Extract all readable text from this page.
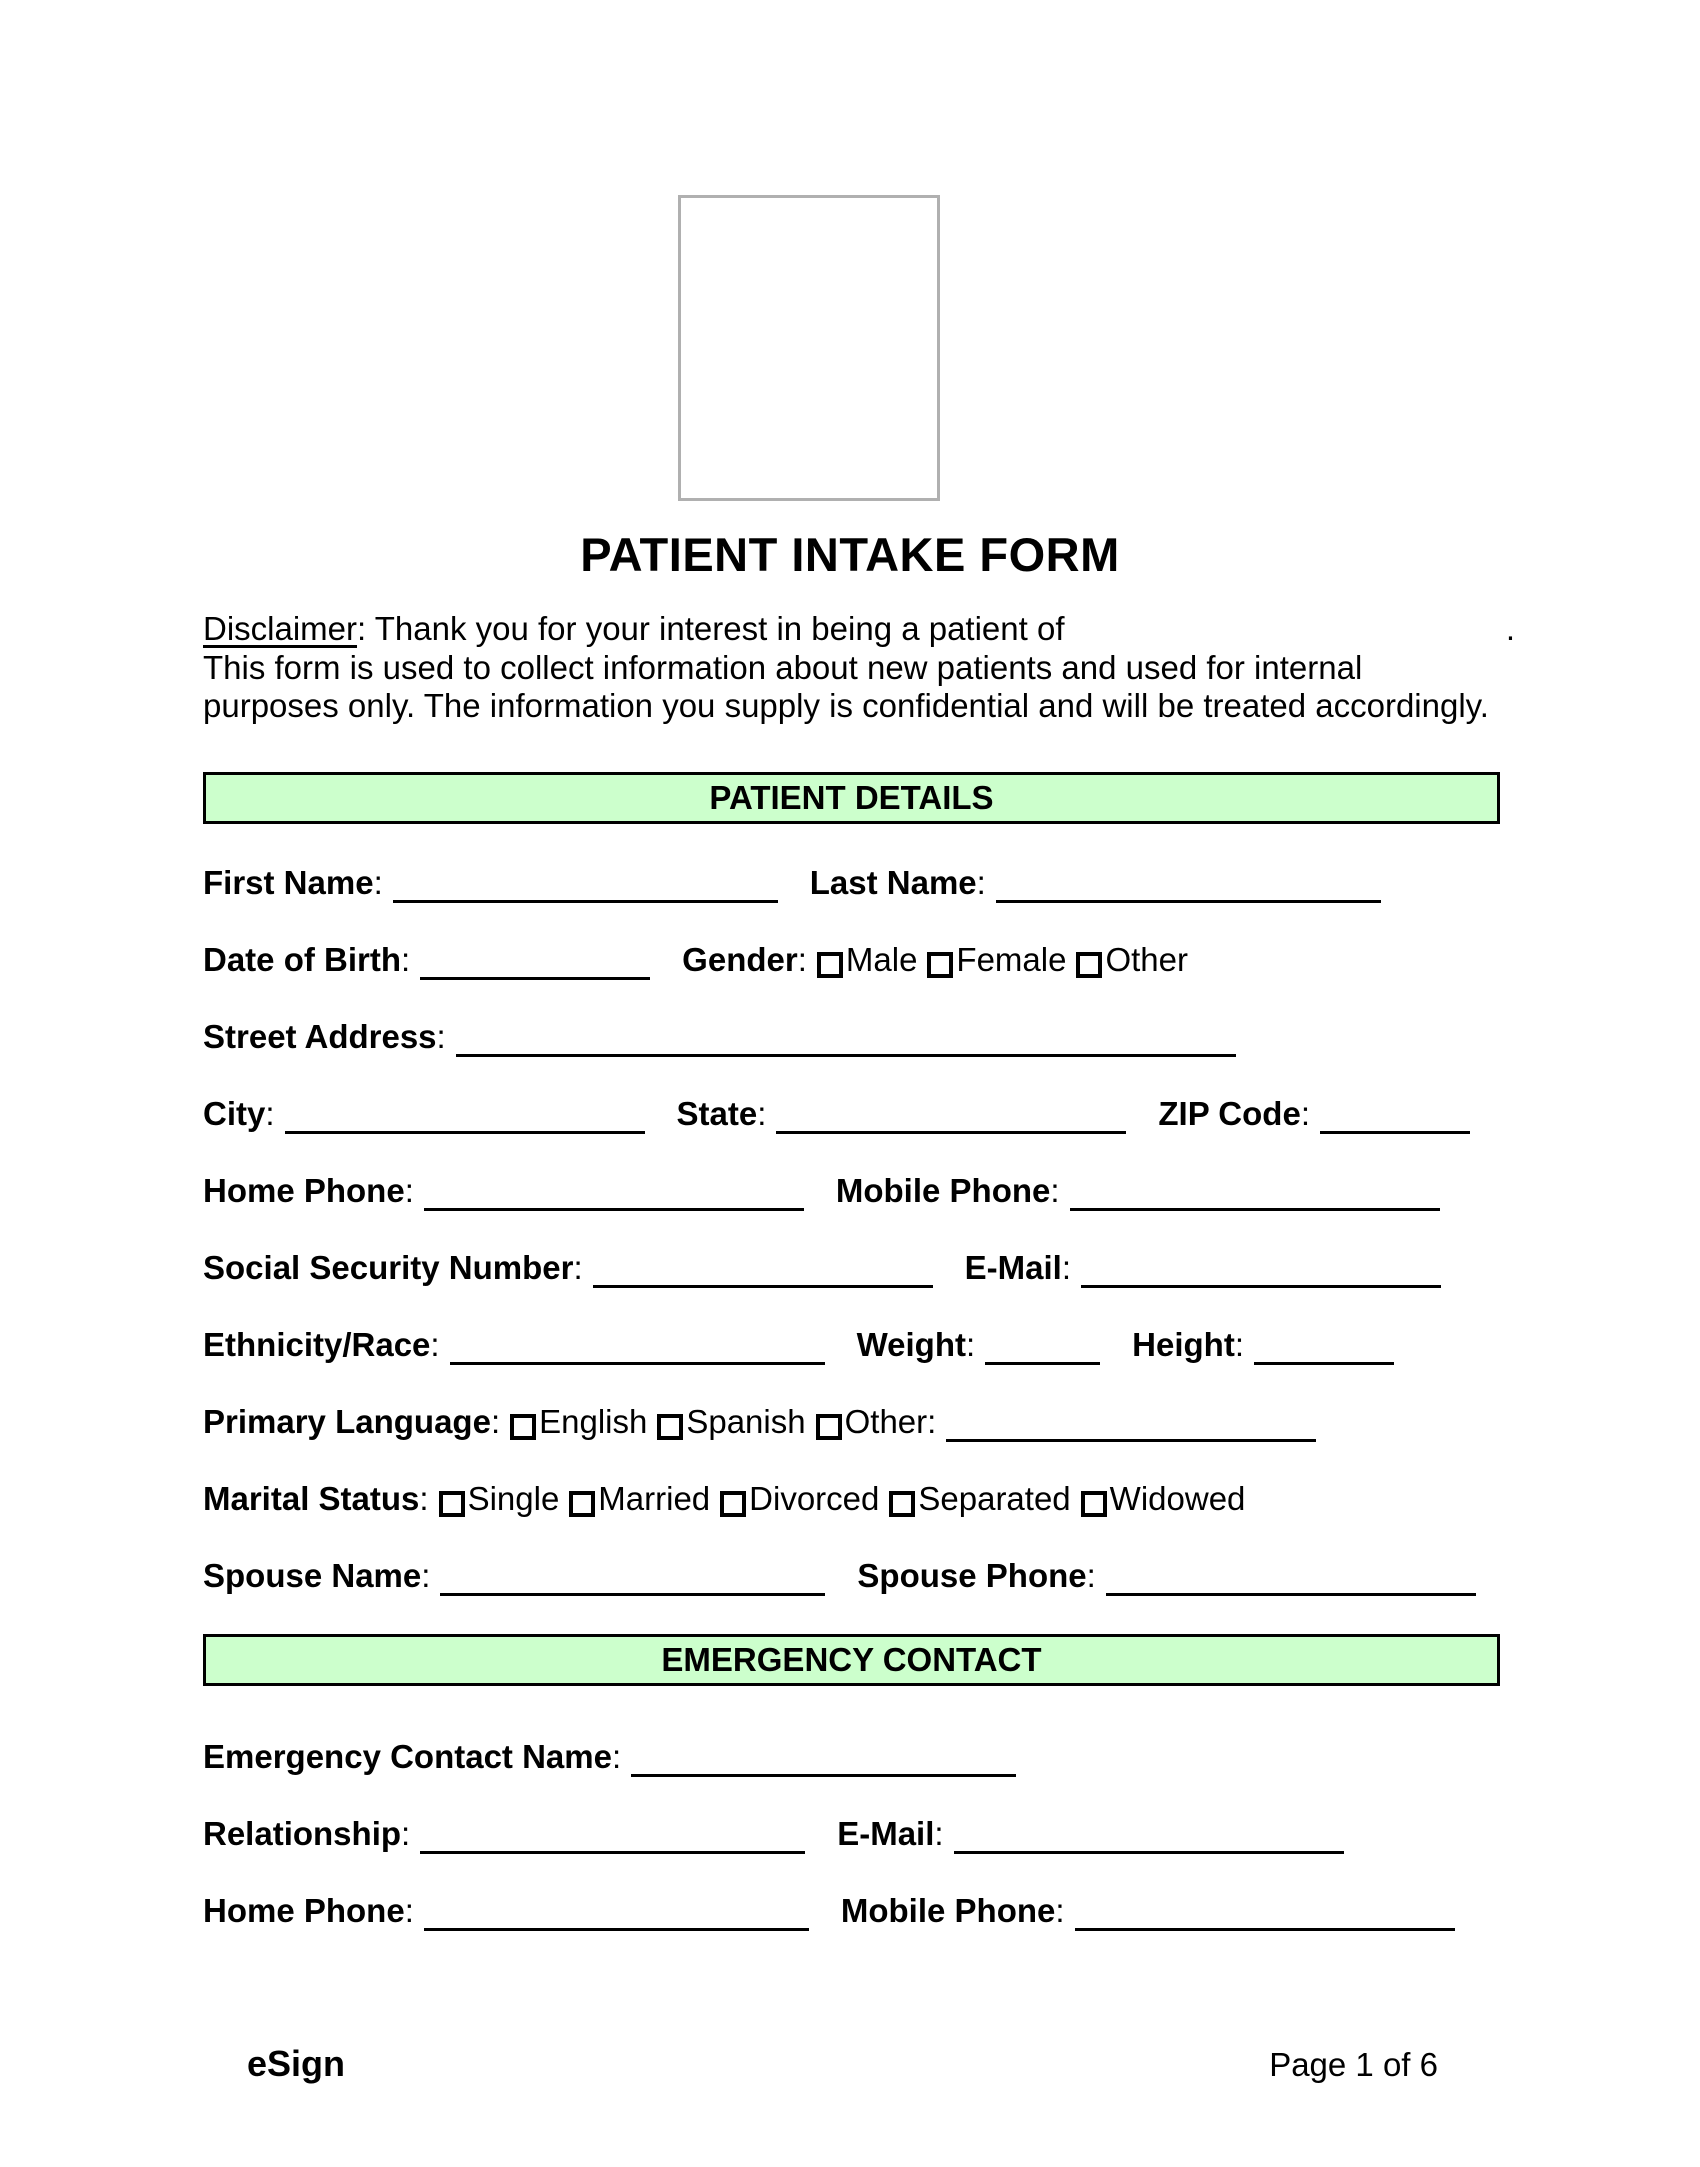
PATIENT INTAKE FORM
Disclaimer: Thank you for your interest in being a patient of	.
This form is used to collect information about new patients and used for internal
purposes only. The information you supply is confidential and will be treated accordingly.
PATIENT DETAILS
First Name:	Last Name:
Date of Birth:	Gender: Male Female Other
Street Address:
City:	State:	ZIP Code:
Home Phone:	Mobile Phone:
Social Security Number:	E-Mail:
Ethnicity/Race:	Weight:	Height:
Primary Language: English Spanish Other:
Marital Status: Single Married Divorced Separated Widowed
Spouse Name:	Spouse Phone:
EMERGENCY CONTACT
Emergency Contact Name:
Relationship:	E-Mail:
Home Phone:	Mobile Phone:
eSign	Page 1 of 6
